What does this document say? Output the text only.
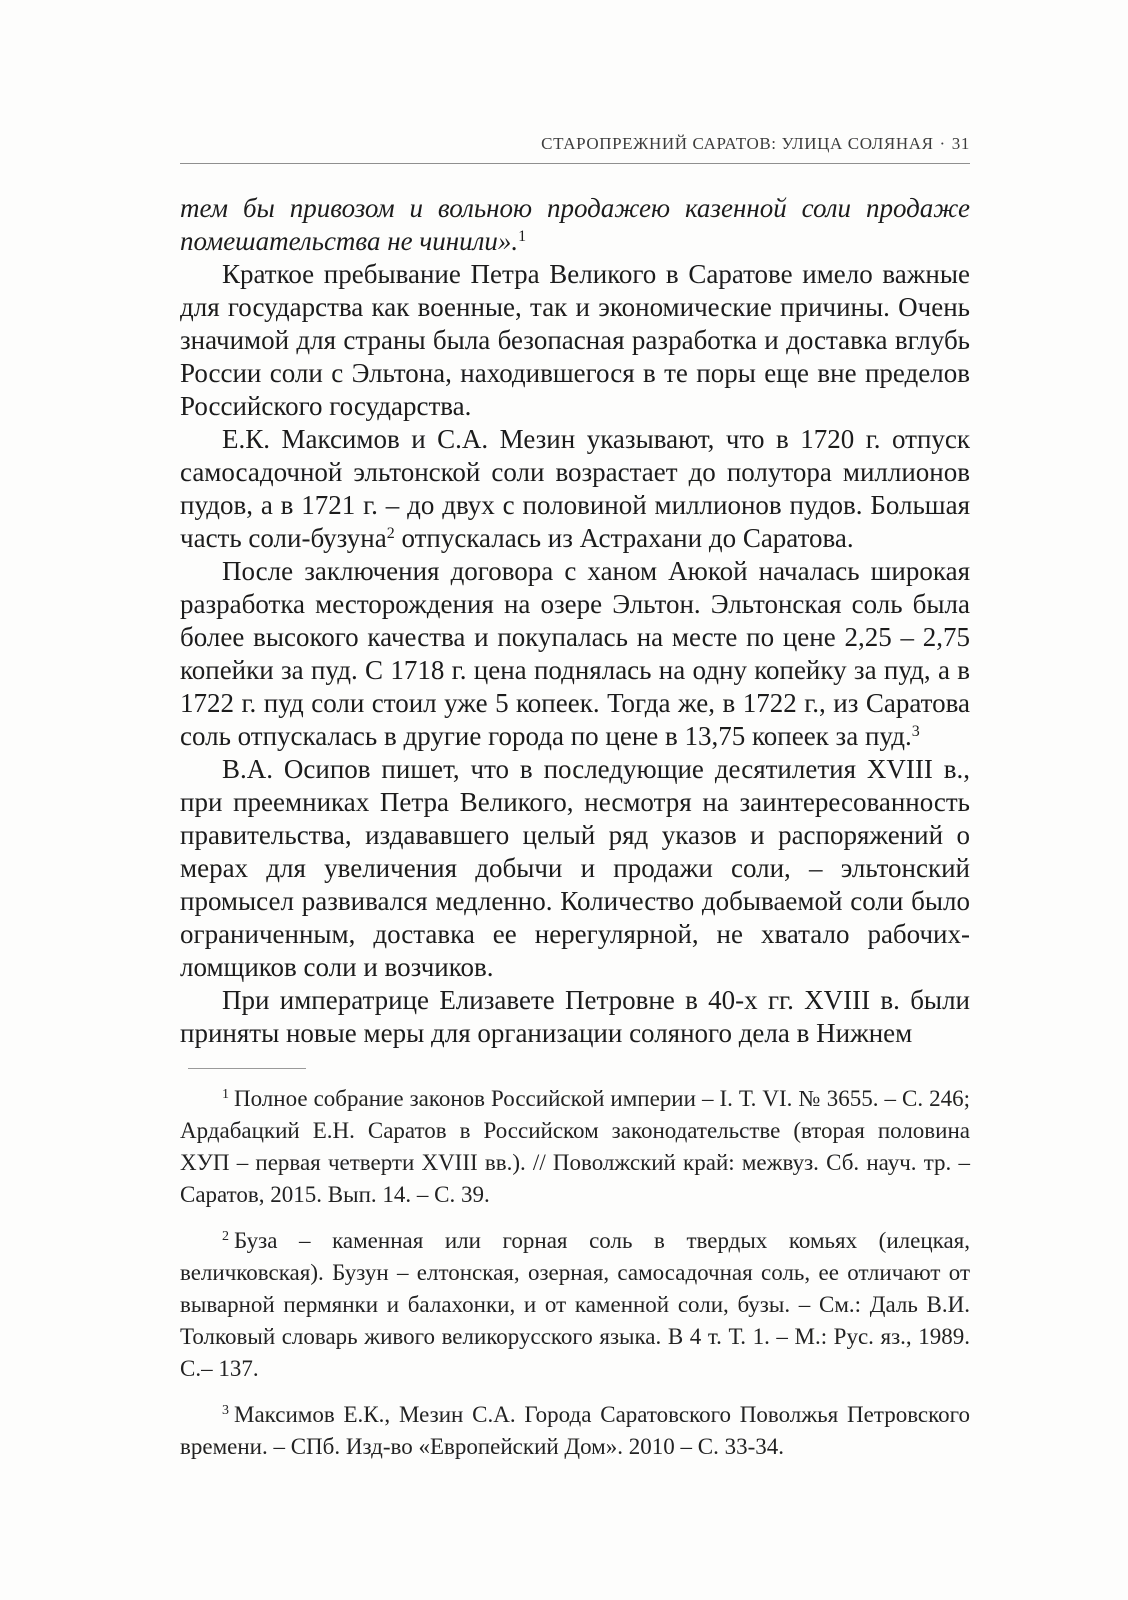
СТАРОПРЕЖНИЙ САРАТОВ: УЛИЦА СОЛЯНАЯ · 31

тем бы привозом и вольною продажею казенной соли продаже помешательства не чинили».$^1$

Краткое пребывание Петра Великого в Саратове имело важные для государства как военные, так и экономические причины. Очень значимой для страны была безопасная разработка и доставка вглубь России соли с Эльтона, находившегося в те поры еще вне пределов Российского государства.

Е.К. Максимов и С.А. Мезин указывают, что в 1720 г. отпуск самосадочной эльтонской соли возрастает до полутора миллионов пудов, а в 1721 г. – до двух с половиной миллионов пудов. Большая часть соли-бузуна$^2$ отпускалась из Астрахани до Саратова.

После заключения договора с ханом Аюкой началась широкая разработка месторождения на озере Эльтон. Эльтонская соль была более высокого качества и покупалась на месте по цене 2,25 – 2,75 копейки за пуд. С 1718 г. цена поднялась на одну копейку за пуд, а в 1722 г. пуд соли стоил уже 5 копеек. Тогда же, в 1722 г., из Саратова соль отпускалась в другие города по цене в 13,75 копеек за пуд.$^3$

В.А. Осипов пишет, что в последующие десятилетия XVIII в., при преемниках Петра Великого, несмотря на заинтересованность правительства, издававшего целый ряд указов и распоряжений о мерах для увеличения добычи и продажи соли, – эльтонский промысел развивался медленно. Количество добываемой соли было ограниченным, доставка ее нерегулярной, не хватало рабочих-ломщиков соли и возчиков.

При императрице Елизавете Петровне в 40-х гг. XVIII в. были приняты новые меры для организации соляного дела в Нижнем

$^1$ Полное собрание законов Российской империи – I. Т. VI. № 3655. – С. 246; Ардабацкий Е.Н. Саратов в Российском законодательстве (вторая половина ХУП – первая четверти XVIII вв.). // Поволжский край: межвуз. Сб. науч. тр. – Саратов, 2015. Вып. 14. – С. 39.

$^2$ Буза – каменная или горная соль в твердых комьях (илецкая, величковская). Бузун – елтонская, озерная, самосадочная соль, ее отличают от выварной пермянки и балахонки, и от каменной соли, бузы. – См.: Даль В.И. Толковый словарь живого великорусского языка. В 4 т. Т. 1. – М.: Рус. яз., 1989. С.– 137.

$^3$ Максимов Е.К., Мезин С.А. Города Саратовского Поволжья Петровского времени. – СПб. Изд-во «Европейский Дом». 2010 – С. 33-34.
